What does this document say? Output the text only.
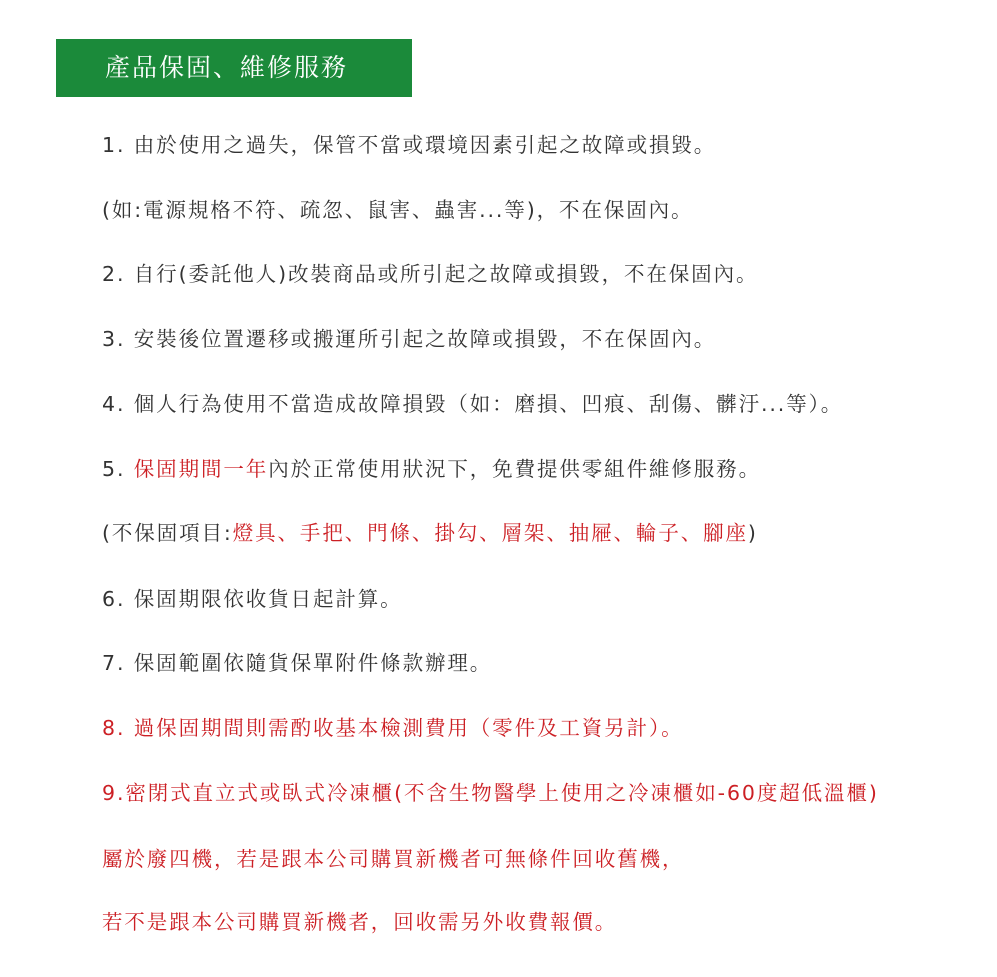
產品保固、維修服務
1. 由於使用之過失，保管不當或環境因素引起之故障或損毀。
(如:電源規格不符、疏忽、鼠害、蟲害...等)，不在保固內。
2. 自行(委託他人)改裝商品或所引起之故障或損毀，不在保固內。
3. 安裝後位置遷移或搬運所引起之故障或損毀，不在保固內。
4. 個人行為使用不當造成故障損毀（如：磨損、凹痕、刮傷、髒汙...等）。
5. 保固期間一年內於正常使用狀況下，免費提供零組件維修服務。
(不保固項目:燈具、手把、門條、掛勾、層架、抽屜、輪子、腳座)
6. 保固期限依收貨日起計算。
7. 保固範圍依隨貨保單附件條款辦理。
8. 過保固期間則需酌收基本檢測費用（零件及工資另計）。
9.密閉式直立式或臥式冷凍櫃(不含生物醫學上使用之冷凍櫃如-60度超低溫櫃)
屬於廢四機，若是跟本公司購買新機者可無條件回收舊機，
若不是跟本公司購買新機者，回收需另外收費報價。
